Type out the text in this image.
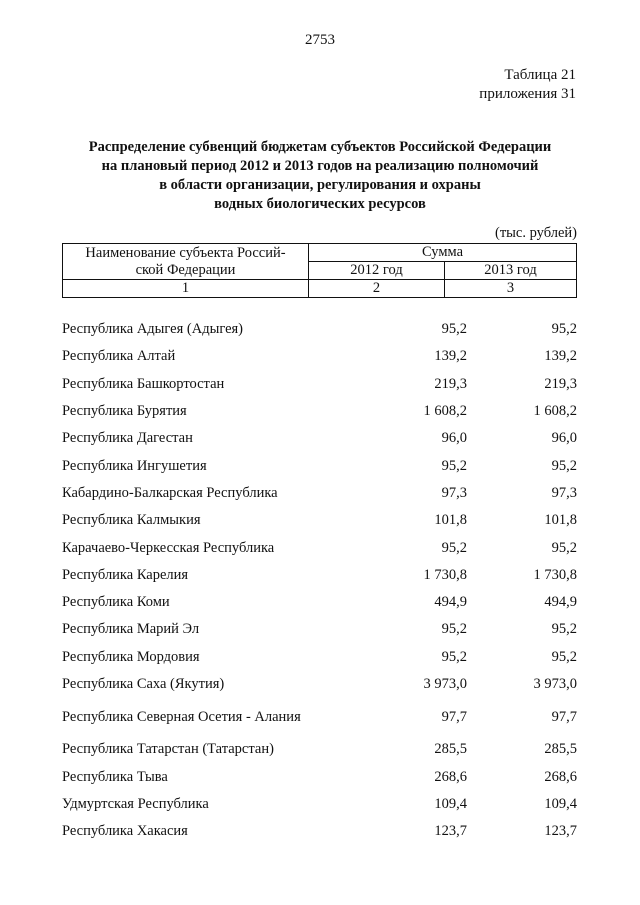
2753
Таблица 21
приложения 31
Распределение субвенций бюджетам субъектов Российской Федерации
на плановый период 2012 и 2013 годов на реализацию полномочий
в области организации, регулирования и охраны
водных биологических ресурсов
(тыс. рублей)
Наименование субъекта Россий-
ской Федерации	Сумма	
	2012 год	2013 год
1	2	3
Республика Адыгея (Адыгея)	95,2	95,2
Республика Алтай	139,2	139,2
Республика Башкортостан	219,3	219,3
Республика Бурятия	1 608,2	1 608,2
Республика Дагестан	96,0	96,0
Республика Ингушетия	95,2	95,2
Кабардино-Балкарская Республика	97,3	97,3
Республика Калмыкия	101,8	101,8
Карачаево-Черкесская Республика	95,2	95,2
Республика Карелия	1 730,8	1 730,8
Республика Коми	494,9	494,9
Республика Марий Эл	95,2	95,2
Республика Мордовия	95,2	95,2
Республика Саха (Якутия)	3 973,0	3 973,0
Республика Северная Осетия - Алания	97,7	97,7
Республика Татарстан (Татарстан)	285,5	285,5
Республика Тыва	268,6	268,6
Удмуртская Республика	109,4	109,4
Республика Хакасия	123,7	123,7
